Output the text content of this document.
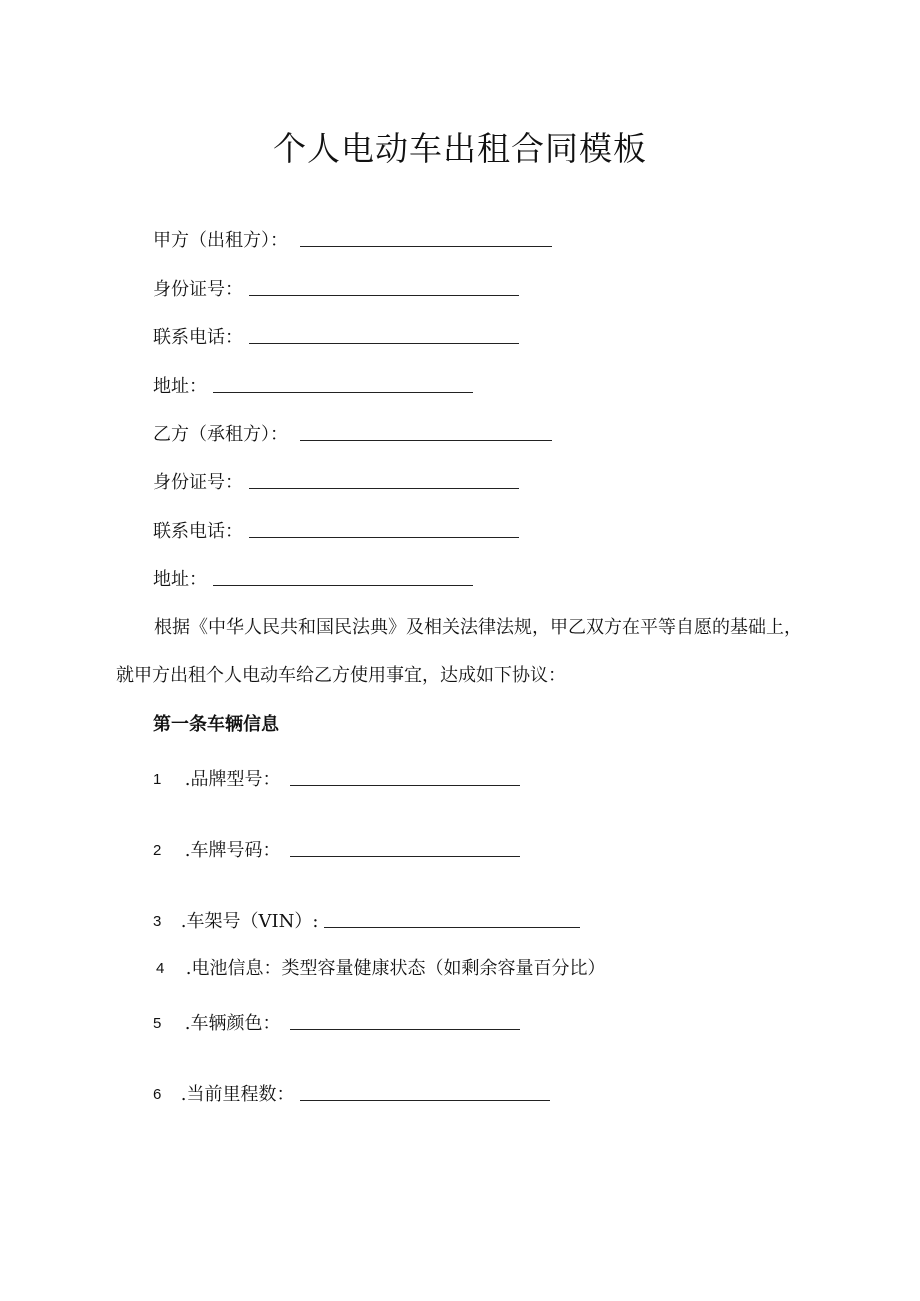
个人电动车出租合同模板
甲方（出租方）：
身份证号：
联系电话：
地址：
乙方（承租方）：
身份证号：
联系电话：
地址：
根据《中华人民共和国民法典》及相关法律法规，甲乙双方在平等自愿的基础上，就甲方出租个人电动车给乙方使用事宜，达成如下协议：
第一条车辆信息
1 .品牌型号：
2 .车牌号码：
3 .车架号（VIN）:
4 .电池信息：类型容量健康状态（如剩余容量百分比）
5 .车辆颜色：
6 .当前里程数：
